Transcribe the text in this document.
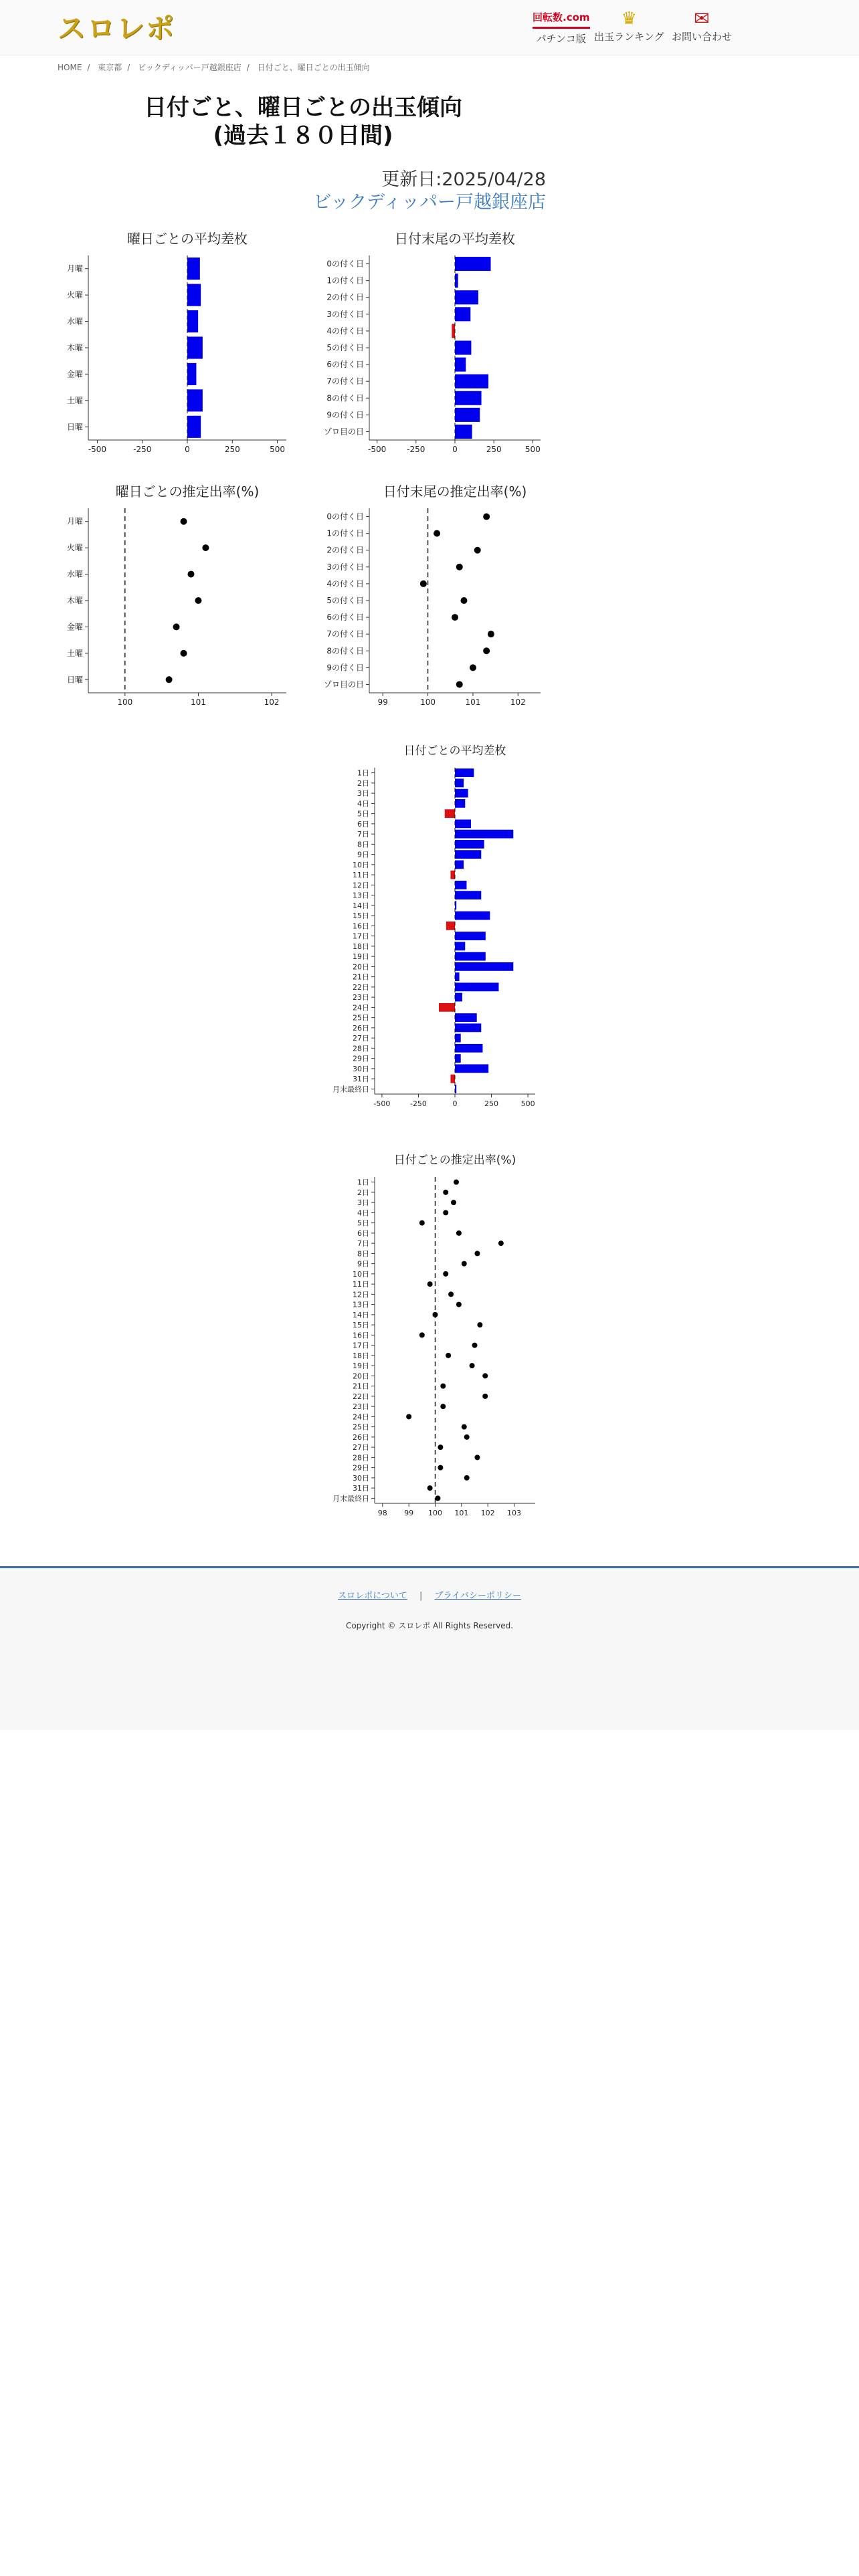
スロレポ	回転数.com
パチンコ版
♛
出玉ランキング
✉
お問い合わせ
HOME / 東京都 / ビックディッパー戸越銀座店 / 日付ごと、曜日ごとの出玉傾向
日付ごと、曜日ごとの出玉傾向
(過去１８０日間)
更新日:2025/04/28
ビックディッパー戸越銀座店
曜日ごとの平均差枚
-500	-250	0	250	500
月曜
火曜
水曜
木曜
金曜
土曜
日曜
日付末尾の平均差枚
-500	-250	0	250	500
0の付く日
1の付く日
2の付く日
3の付く日
4の付く日
5の付く日
6の付く日
7の付く日
8の付く日
9の付く日
ゾロ目の日
曜日ごとの推定出率(%)
100	101	102
月曜
火曜
水曜
木曜
金曜
土曜
日曜
日付末尾の推定出率(%)
99	100	101	102
0の付く日
1の付く日
2の付く日
3の付く日
4の付く日
5の付く日
6の付く日
7の付く日
8の付く日
9の付く日
ゾロ目の日
日付ごとの平均差枚
-500	-250	0	250	500
1日
2日
3日
4日
5日
6日
7日
8日
9日
10日
11日
12日
13日
14日
15日
16日
17日
18日
19日
20日
21日
22日
23日
24日
25日
26日
27日
28日
29日
30日
31日
月末最終日
日付ごとの推定出率(%)
98 99 100 101 102 103
1日
2日
3日
4日
5日
6日
7日
8日
9日
10日
11日
12日
13日
14日
15日
16日
17日
18日
19日
20日
21日
22日
23日
24日
25日
26日
27日
28日
29日
30日
31日
月末最終日
スロレポについて | プライバシーポリシー
Copyright © スロレポ All Rights Reserved.
